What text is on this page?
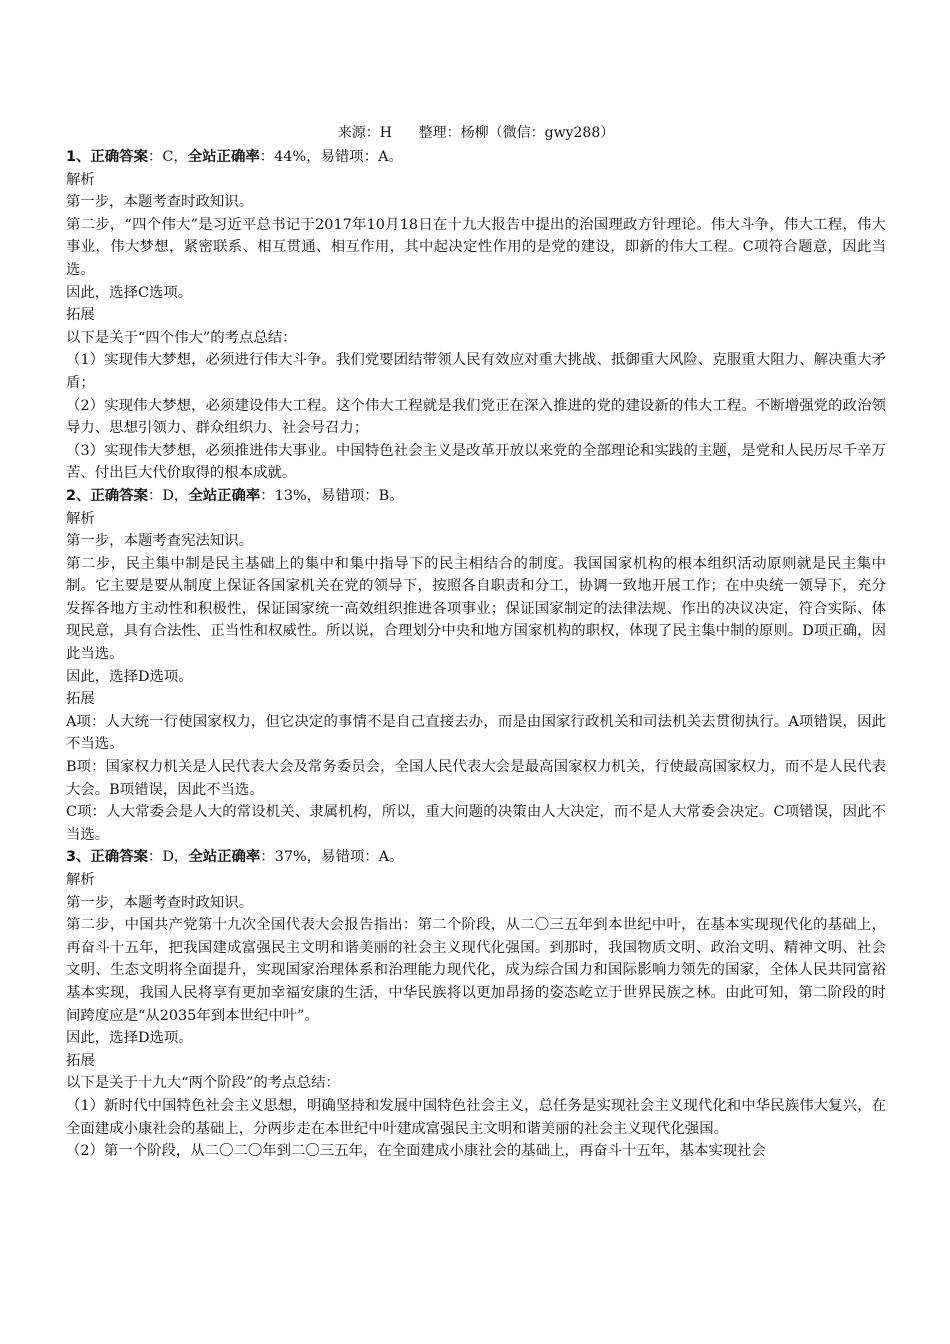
来源：H      整理：杨柳（微信：gwy288）

1、正确答案：C，全站正确率：44%，易错项：A。

解析

第一步，本题考查时政知识。

第二步，“四个伟大”是习近平总书记于2017年10月18日在十九大报告中提出的治国理政方针理论。伟大斗争，伟大工程，伟大事业，伟大梦想，紧密联系、相互贯通、相互作用，其中起决定性作用的是党的建设，即新的伟大工程。C项符合题意，因此当选。

因此，选择C选项。

拓展

以下是关于“四个伟大”的考点总结：

（1）实现伟大梦想，必须进行伟大斗争。我们党要团结带领人民有效应对重大挑战、抵御重大风险、克服重大阻力、解决重大矛盾；

（2）实现伟大梦想，必须建设伟大工程。这个伟大工程就是我们党正在深入推进的党的建设新的伟大工程。不断增强党的政治领导力、思想引领力、群众组织力、社会号召力；

（3）实现伟大梦想，必须推进伟大事业。中国特色社会主义是改革开放以来党的全部理论和实践的主题，是党和人民历尽千辛万苦、付出巨大代价取得的根本成就。

2、正确答案：D，全站正确率：13%，易错项：B。

解析

第一步，本题考查宪法知识。

第二步，民主集中制是民主基础上的集中和集中指导下的民主相结合的制度。我国国家机构的根本组织活动原则就是民主集中制。它主要是要从制度上保证各国家机关在党的领导下，按照各自职责和分工，协调一致地开展工作；在中央统一领导下，充分发挥各地方主动性和积极性，保证国家统一高效组织推进各项事业；保证国家制定的法律法规、作出的决议决定，符合实际、体现民意，具有合法性、正当性和权威性。所以说，合理划分中央和地方国家机构的职权，体现了民主集中制的原则。D项正确，因此当选。

因此，选择D选项。

拓展

A项：人大统一行使国家权力，但它决定的事情不是自己直接去办，而是由国家行政机关和司法机关去贯彻执行。A项错误，因此不当选。

B项：国家权力机关是人民代表大会及常务委员会，全国人民代表大会是最高国家权力机关，行使最高国家权力，而不是人民代表大会。B项错误，因此不当选。

C项：人大常委会是人大的常设机关、隶属机构，所以，重大问题的决策由人大决定，而不是人大常委会决定。C项错误，因此不当选。

3、正确答案：D，全站正确率：37%，易错项：A。

解析

第一步，本题考查时政知识。

第二步，中国共产党第十九次全国代表大会报告指出：第二个阶段，从二〇三五年到本世纪中叶，在基本实现现代化的基础上，再奋斗十五年，把我国建成富强民主文明和谐美丽的社会主义现代化强国。到那时，我国物质文明、政治文明、精神文明、社会文明、生态文明将全面提升，实现国家治理体系和治理能力现代化，成为综合国力和国际影响力领先的国家，全体人民共同富裕基本实现，我国人民将享有更加幸福安康的生活，中华民族将以更加昂扬的姿态屹立于世界民族之林。由此可知，第二阶段的时间跨度应是“从2035年到本世纪中叶”。

因此，选择D选项。

拓展

以下是关于十九大“两个阶段”的考点总结：

（1）新时代中国特色社会主义思想，明确坚持和发展中国特色社会主义，总任务是实现社会主义现代化和中华民族伟大复兴，在全面建成小康社会的基础上，分两步走在本世纪中叶建成富强民主文明和谐美丽的社会主义现代化强国。

（2）第一个阶段，从二〇二〇年到二〇三五年，在全面建成小康社会的基础上，再奋斗十五年，基本实现社会
